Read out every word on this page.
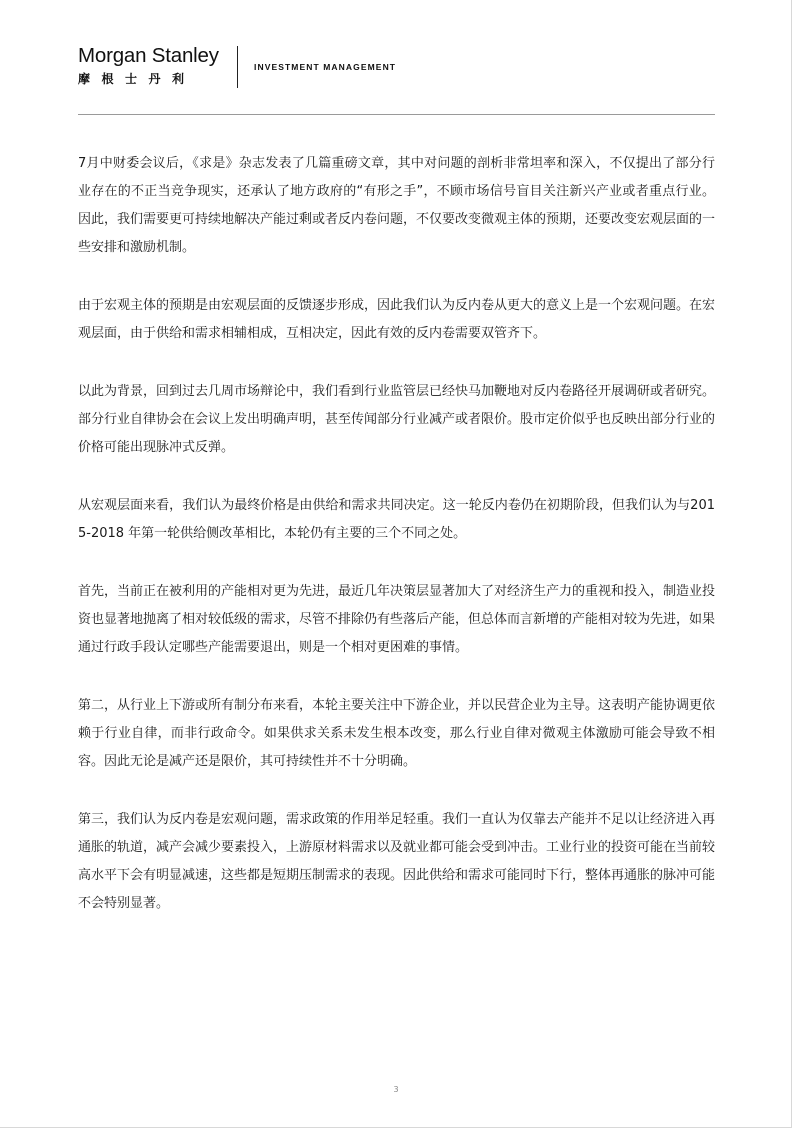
Morgan Stanley
摩根士丹利
INVESTMENT MANAGEMENT

7月中财委会议后，《求是》杂志发表了几篇重磅文章，其中对问题的剖析非常坦率和深入，不仅提出了部分行业存在的不正当竞争现实，还承认了地方政府的“有形之手”，不顾市场信号盲目关注新兴产业或者重点行业。因此，我们需要更可持续地解决产能过剩或者反内卷问题，不仅要改变微观主体的预期，还要改变宏观层面的一些安排和激励机制。

由于宏观主体的预期是由宏观层面的反馈逐步形成，因此我们认为反内卷从更大的意义上是一个宏观问题。在宏观层面，由于供给和需求相辅相成，互相决定，因此有效的反内卷需要双管齐下。

以此为背景，回到过去几周市场辩论中，我们看到行业监管层已经快马加鞭地对反内卷路径开展调研或者研究。部分行业自律协会在会议上发出明确声明，甚至传闻部分行业减产或者限价。股市定价似乎也反映出部分行业的价格可能出现脉冲式反弹。

从宏观层面来看，我们认为最终价格是由供给和需求共同决定。这一轮反内卷仍在初期阶段，但我们认为与2015-2018 年第一轮供给侧改革相比，本轮仍有主要的三个不同之处。

首先，当前正在被利用的产能相对更为先进，最近几年决策层显著加大了对经济生产力的重视和投入，制造业投资也显著地抛离了相对较低级的需求，尽管不排除仍有些落后产能，但总体而言新增的产能相对较为先进，如果通过行政手段认定哪些产能需要退出，则是一个相对更困难的事情。

第二，从行业上下游或所有制分布来看，本轮主要关注中下游企业，并以民营企业为主导。这表明产能协调更依赖于行业自律，而非行政命令。如果供求关系未发生根本改变，那么行业自律对微观主体激励可能会导致不相容。因此无论是减产还是限价，其可持续性并不十分明确。

第三，我们认为反内卷是宏观问题，需求政策的作用举足轻重。我们一直认为仅靠去产能并不足以让经济进入再通胀的轨道，减产会减少要素投入，上游原材料需求以及就业都可能会受到冲击。工业行业的投资可能在当前较高水平下会有明显减速，这些都是短期压制需求的表现。因此供给和需求可能同时下行，整体再通胀的脉冲可能不会特别显著。

3
